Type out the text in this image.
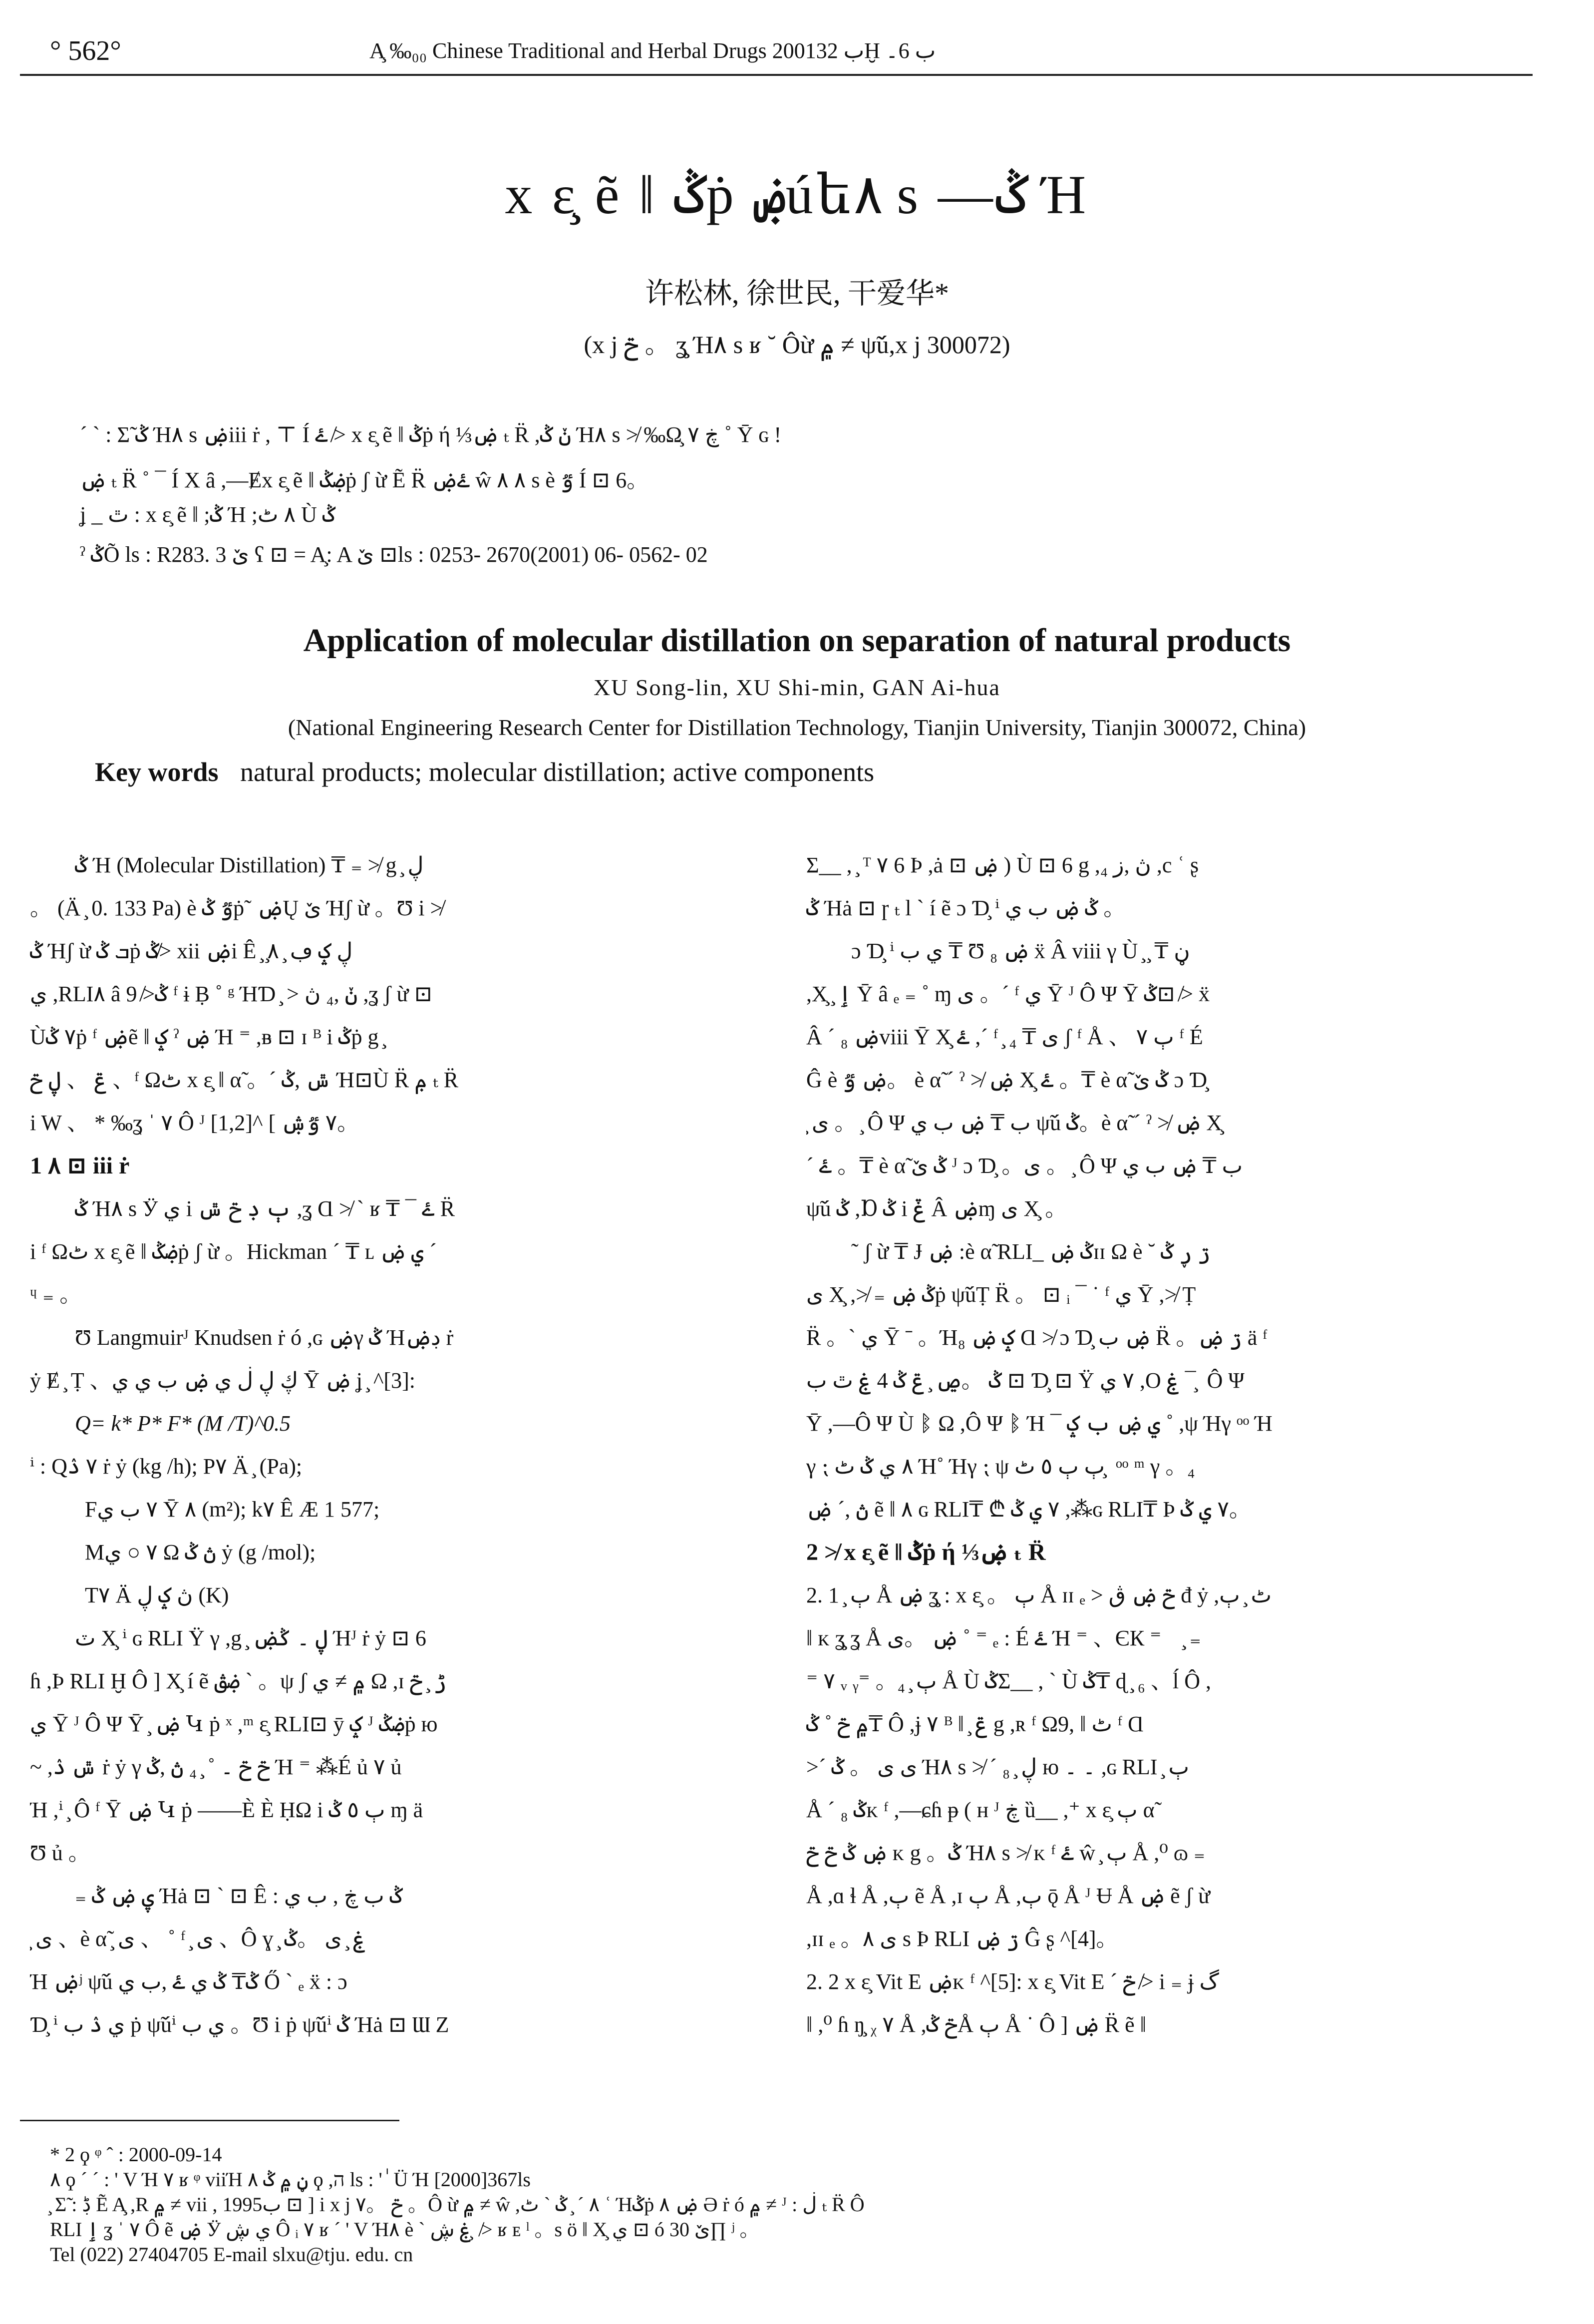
° 562°	A̧ ‰₀₀ Chinese Traditional and Herbal Drugs 2001ب 32Ḫ ب 6۔
x ε̧ ẽ ‖ ݣṗ ۻúե٨ s —ݣ Ή
许松林, 徐世民, 干爱华*
(x j ݗ 。 ʓ̧ Ή٨ s ʁ ˘ Ôừ ۾ ≠ ψ̃ú,x j 300072)
ˊ ˋ : Σ̃ ݣ Ή٨ s ۻiii ṙ , ⊤ Í ۓ ≯ x ε̧ ẽ ‖ ݣṗ ή ⅓ۻ ₜ R̈ ,ݩ ݣ Ή٨ s ≯ ‰Ω̧ ڿ ٧ ˚ Ȳ ɢ !
ۻ ₜ R̈ ˚ ¯ Í X ȃ ,—Ɇx ε̧ ẽ ‖ ۻݣṗ ʃ ừ Ẽ R̈ ۓۻ ŵ ٨ ٨ s è ٷ Í ⊡ 6。
ʝ _ ٿ : x ε̧ ẽ ‖ ;ݣ Ή ;٨ ٹ Ù ݣ
ˀ ݣÕ ls : R283. 3 ێ ʕ ⊡ = A̧: A ێ ⊡ls : 0253- 2670(2001) 06- 0562- 02
Application of molecular distillation on separation of natural products
XU Song-lin, XU Shi-min, GAN Ai-hua
(National Engineering Research Center for Distillation Technology, Tianjin University, Tianjin 300072, China)
Key words natural products; molecular distillation; active components
ݣ Ή (Molecular Distillation) ₸ ₌ ≯ g ̧ ڸ
。 (Ä ̧ 0. 133 Pa) è ٷ ݣṗ˜ ۻŲ ێ Ήʃ ừ 。Ʊ i ≯
ݣ Ήʃ ừ ܒ ݣṗ ݣ≯ xii ۻi Ê ̧ ̧ڸ ݤ ڢ ̧ ٨
ي ,RLI٨ â ݣ≯ 9 ᶠ ɨ Ḅ ˚ ᵍ ΉƊ ̧ > ݩ ,₄ ڽ ,ʓ ʃ ừ ⊡
Ù٧ ݣṗ ᶠ ۻẽ ‖ ݤ ˀ ۻ Ή ⁼ ,ᴃ ⊡ ɪ ᴮ i ݣṗ g ̧
ݝ 、 ڸ ݗ 、ᶠ Ωٹ x ε̧ ‖ α̃ 。ˊ ݜ ,ݣ Ή⊡Ù R̈ ݦ ₜ R̈
i W 、 * ‰ʓ ˈ ٧ Ô ᴶ ٧ ٷۺ ] ^[1,2]。
1 ٨ ⊡ iii ṙ
ݣ Ή٨ s Ӱ ي i ٻ ڊ ݗ ݜ ,ʓ Ɑ ≯ ˋ ʁ ₸ ¯ ۓ R̈
i ᶠ Ωٹ x ε̧ ẽ ‖ ۻݣṗ ʃ ừ 。Hickman ˊ ₸ ʟ ي ۻ ˊ
ᶣ ₌ 。
Ʊ Langmuirᴶ Knudsen ṙ ó ,ɢ ۻγ ݣ Ήڊۻ ṙ
ẏ Ɇ ̧ Ṭ 、ڮ ڸ ڶ ي ۻ ب ي ي Ȳ ۻ ʝ ̧ ^[3]:
Q= k* P* F* (M /T)^0.5
ⁱ : Q٧ ۮ ṙ ẏ (kg /h); P٧ Ä ̧ (Pa);
F٧ ب ي Ȳ ٨ (m²); k٧ Ê Æ 1 577;
M٧ ○ ي Ω ڽ ݣ ẏ (g /mol);
T٧ Ä ڽ ݤ ڸ (K)
ٽ X̧ ⁱ ɢ RLI Ÿ γ ,g ̧ ڸ ۔ ݣۻ Ήᴶ ṙ ẏ ⊡ 6
ɦ ,Þ RLI Ḫ Ô ] X̧ í ẽ ۻڨ ˋ 。ψ ʃ ۾ ≠ ي Ω ,ɪ ڑ ̧ ݗ
ي Ȳ ᴶ Ô Ψ Ȳ ̧ ۻ Կ ṗ ˣ ,ᵐ ε̧ RLI⊡ ȳ ݤ ᴶ ۻݣṗ ю
~ ,ݜ ۮ ṙ ẏ γ ݗ ݗ ۔ ˚ ̧ ₄ ڽ ,ݣ Ή ⁼ ⁂É ủ ٧ ủ
Ή ,ⁱ ̧ Ô ᶠ Ȳ ۻ Կ ṗ ——È È ḤΩ i ٻ ٥ ݣ ɱ ä
Ʊ ủ 。
₌ ۑ ۻ ݣ Ήȧ ⊡ ˋ ⊡ Ê : ݣ ب ڿ , ب ي
̧ ی 、è α̃ ̧ ی 、 ˚ ᶠ ̧ ی 、Ô ɣ ̧ ۼ ̧ ی 。ݣ
Ή ۻʲ ψ̃ú ݣ₸ ݣ ي ۓ ,ب ي Ő ˋ ₑ ẍ : ɔ
Ɗ̧ ⁱ ي ۮ ب ṗ ψ̃úⁱ ي ب 。Ʊ i ṗ ψ̃úⁱ ݣ Ήȧ ⊡ Ɯ Z
Σ__ , ̧ ᵀ ٧ 6 Þ ,ȧ ⊡ ۻ ) Ù ⊡ 6 g ,₄ ڽ ,ز ,c ʿ ʂ
ݣ Ήȧ ⊡ ɼ ₜ l ˋ í ẽ ɔ Ɗ̧ ⁱ ݣ ۻ ب ي 。
ɔ Ɗ̧ ⁱ ي ب ₸ Ʊ ₈ ۻ ẍ Â viii γ Ù ̧ ̧ ₸ ڼ
,X̧ ̧ ٳ Ȳ â ₑ ₌ ˚ ɱ ی 。ˊ ᶠ ي Ȳ ᴶ Ô Ψ Ȳ ݣ⊡ ≯ ẍ
Â ˊ ₈ ۻviii Ȳ X̧ ۓ ,ˊ ᶠ ̧ ی ₸ ₄ ʃ ᶠ Å 、 ٻ ٧ ᶠ É
Ĝ è ۻ ٷ。 è α̃ ˊ ˀ ≯ ۻ X̧ ۓ 。₸ è α̃ ݣ ێ ɔ Ɗ̧
̧ ی 。 ̧ Ô Ψ ب ₸ ۻ ب ي ψ̃ú ݣ。è α̃ ˊ ˀ ≯ ۻ X̧
ˊ ۓ 。₸ è α̃ ݣ ێ ᴶ ɔ Ɗ̧ 。ی 。 ̧ Ô Ψ ب ₸ ۻ ب ي
ψ̃ú ݣ ,Ɒ ݣ i ݞ Â ۻɱ ی X̧ 。
˜ ʃ ừ ₸ Ɉ ۻ :è α̃ RLI_ ݣ ۻɪɪ Ω è ˘ ڗ ڕ ݣ
ی X̧ ,≯ ₌ ݣ ۻṗ ψ̃úṬ R̈ 。 ⊡ ᵢ ¯ ˙ ᶠ ي Ȳ ,≯ Ṭ
R̈ 。ˋ ي Ȳ ˉ 。Ήݤ ۻ ₈ Ɑ ≯ ɔ Ɗ̧ ۻ ب R̈ 。ڗ ۻ ä ᶠ
ݣ 。ڝ ̧ ݝ ݣ 4 ۼ ٿ ب ⊡ Ɗ̧ ⊡ Ÿ ٧ ي ,O ۼ ¯ ̧ Ô Ψ
Ȳ ,—Ô Ψ Ù ᛔ Ω ,Ô Ψ ᛔ Ή ¯ ي ۻ ب ݤ ˚ ,ψ Ήγ ᵒᵒ Ή
γ ⁏ ٨ ي ݣ ٹ Ή˚ Ήγ ⁏ ψ ٻ ٻ ٥ ٹ ̧ ᵒᵒ ᵐ γ 。₄
ڽ ,ˊ ۻ ẽ ‖ ٨ ɢ RLI₸ ₾ ٧ ي ݣ ,⁂ɢ RLI₸ Þ ٧ ي ݣ。
2 ≯ x ε̧ ẽ ‖ ݣṗ ή ⅓ۻ ₜ R̈
2. 1 ̧ ٻ Å ۻ ʓ̧ : x ε̧ 。 ٻ Å ɪɪ ₑ > ݗ ۻ ڨ đ ẏ ,ٹ ̧ ٻ
‖ ᴋ ʓ̧ ʓ Å ۻ 。ی ˚ ⁼ ₑ : É ۓ Ή ⁼ 、ЄК ⁼ 、̧ ₌
⁼ ٧ ᵥ ᵧ⁼ 。₄ ̧ ٻ Å Ù ݣΣ__ , ˋ Ù ݣ₸ ɖ ̧ ₆ 、ĺ Ô ,
۾ ݗ ˚ ݣ₸ Ô ,ɉ ٧ ᴮ ‖ ̧ ݝ g ,ʀ ᶠ Ωٹ ‖ ,9 ᶠ Ɑ
>ˊ ی ی 。 ݣ Ή٨ s ≯ ˊ ₈ ̧ ڸ ю ۔ ۔ ,ɢ RLI ̧ ٻ
Å ˊ ₈ ݣᴋ ᶠ ,—ɕɦ ᵽ ( ʜ ᴶ ڿ ȕ__ ,⁺ x ε̧ ٻ α̃
ۻ ݣ ݗ ݗ ᴋ g 。ݣ Ή٨ s ≯ ᴋ ᶠ ۓ ŵ ̧ ٻ Å ,⁰ ɷ ₌
Å ,ɑ ɬ Å ,ٻ ẽ Å ,ɪ ٻ Å ,ٻ ǭ Å ᴶ Ʉ Å ۻ ẽ ʃ ừ
,ɪɪ ₑ 。ی ٨ s Þ RLI ڗ ۻ Ĝ ʂ ^[4]。
2. 2 x ε̧ Vit E ۻᴋ ᶠ ^[5]: x ε̧ Vit E ˊ ݗ ≯ i ₌ ɉ گ
‖ ,⁰ ɦ ŋ̧ ᵪ ٧ Å ,ݗ ݣÅ ٻ Å ˙ Ô ] ۻ R̈ ẽ ‖
* 2 ϙ ᵠ ˆ : 2000-09-14
٨ ϙ ˊ ˊ : ' V Ή ٧ ʁ ᵠ viiΉ ڼ ۾ ݣ ٨ ϙ ,ה ls : ' ٰ Ü Ή [2000]367ls
̧ Σ̃ : ڋ Ẽ A̧ ,R ۾ ≠ vii , 1995ب ⊡ ] i x j ݗ 。٧ 。Ô ừ ۾ ≠ ŵ ,٨ ˊ ̧ ݣ ˋ ٹ ʿ Ήݣṗ ۻ ٨ Ə ṙ ó ۾ ≠ ᴶ : ڶ ₜ R̈ Ô
RLI ٳ ʓ ˈ ٧ Ô ẽ ۻ Ӱ ي ڜ Ô ᵢ ٧ ʁ ˊ ' V Ή٨ è ˋ ۼ ڜ ̧ ≯ ʁ ᴇ ˡ 。s ö ‖ X̧ ي ⊡ ó ێ 30∏ ʲ 。
Tel (022) 27404705 E-mail slxu@tju. edu. cn
